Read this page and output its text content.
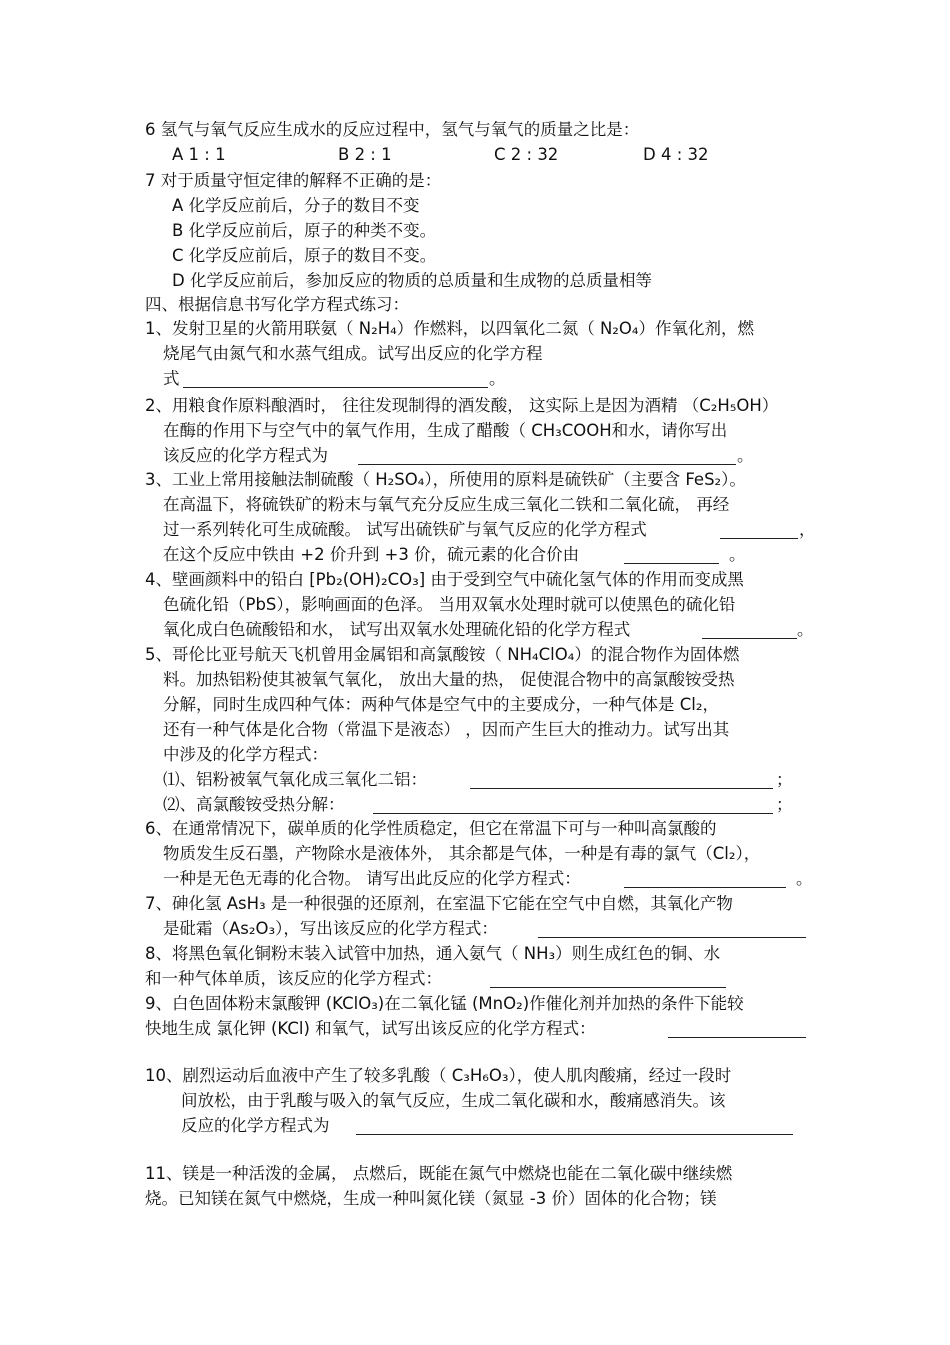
6 氢气与氧气反应生成水的反应过程中，氢气与氧气的质量之比是：
A 1 : 1	B 2 : 1	C 2 : 32	D 4 : 32
7 对于质量守恒定律的解释不正确的是：
A 化学反应前后，分子的数目不变
B 化学反应前后，原子的种类不变。
C 化学反应前后，原子的数目不变。
D 化学反应前后，参加反应的物质的总质量和生成物的总质量相等
四、根据信息书写化学方程式练习：
1、发射卫星的火箭用联氨（ N₂H₄）作燃料，以四氧化二氮（ N₂O₄）作氧化剂，燃
烧尾气由氮气和水蒸气组成。试写出反应的化学方程
式	。
2、用粮食作原料酿酒时， 往往发现制得的酒发酸， 这实际上是因为酒精 （C₂H₅OH）
在酶的作用下与空气中的氧气作用，生成了醋酸（ CH₃COOH和水，请你写出
该反应的化学方程式为	。
3、工业上常用接触法制硫酸（ H₂SO₄），所使用的原料是硫铁矿（主要含 FeS₂）。
在高温下，将硫铁矿的粉末与氧气充分反应生成三氧化二铁和二氧化硫， 再经
过一系列转化可生成硫酸。 试写出硫铁矿与氧气反应的化学方程式	，
在这个反应中铁由 +2 价升到 +3 价，硫元素的化合价由	。
4、壁画颜料中的铅白 [Pb₂(OH)₂CO₃] 由于受到空气中硫化氢气体的作用而变成黑
色硫化铅（PbS），影响画面的色泽。 当用双氧水处理时就可以使黑色的硫化铅
氧化成白色硫酸铅和水， 试写出双氧水处理硫化铅的化学方程式	。
5、哥伦比亚号航天飞机曾用金属铝和高氯酸铵（ NH₄ClO₄）的混合物作为固体燃
料。加热铝粉使其被氧气氧化， 放出大量的热， 促使混合物中的高氯酸铵受热
分解，同时生成四种气体：两种气体是空气中的主要成分，一种气体是 Cl₂，
还有一种气体是化合物（常温下是液态） ，因而产生巨大的推动力。试写出其
中涉及的化学方程式：
⑴、铝粉被氧气氧化成三氧化二铝：	；
⑵、高氯酸铵受热分解：	；
6、在通常情况下，碳单质的化学性质稳定，但它在常温下可与一种叫高氯酸的
物质发生反石墨，产物除水是液体外， 其余都是气体，一种是有毒的氯气（Cl₂），
一种是无色无毒的化合物。 请写出此反应的化学方程式：	。
7、砷化氢 AsH₃ 是一种很强的还原剂，在室温下它能在空气中自燃，其氧化产物
是砒霜（As₂O₃），写出该反应的化学方程式：
8、将黑色氧化铜粉末装入试管中加热，通入氨气（ NH₃）则生成红色的铜、水
和一种气体单质，该反应的化学方程式：
9、白色固体粉末氯酸钾 (KClO₃)在二氧化锰 (MnO₂)作催化剂并加热的条件下能较
快地生成 氯化钾 (KCl) 和氧气，试写出该反应的化学方程式：
10、剧烈运动后血液中产生了较多乳酸（ C₃H₆O₃），使人肌肉酸痛，经过一段时
间放松，由于乳酸与吸入的氧气反应，生成二氧化碳和水，酸痛感消失。该
反应的化学方程式为
11、镁是一种活泼的金属， 点燃后，既能在氮气中燃烧也能在二氧化碳中继续燃
烧。已知镁在氮气中燃烧，生成一种叫氮化镁（氮显 -3 价）固体的化合物；镁
